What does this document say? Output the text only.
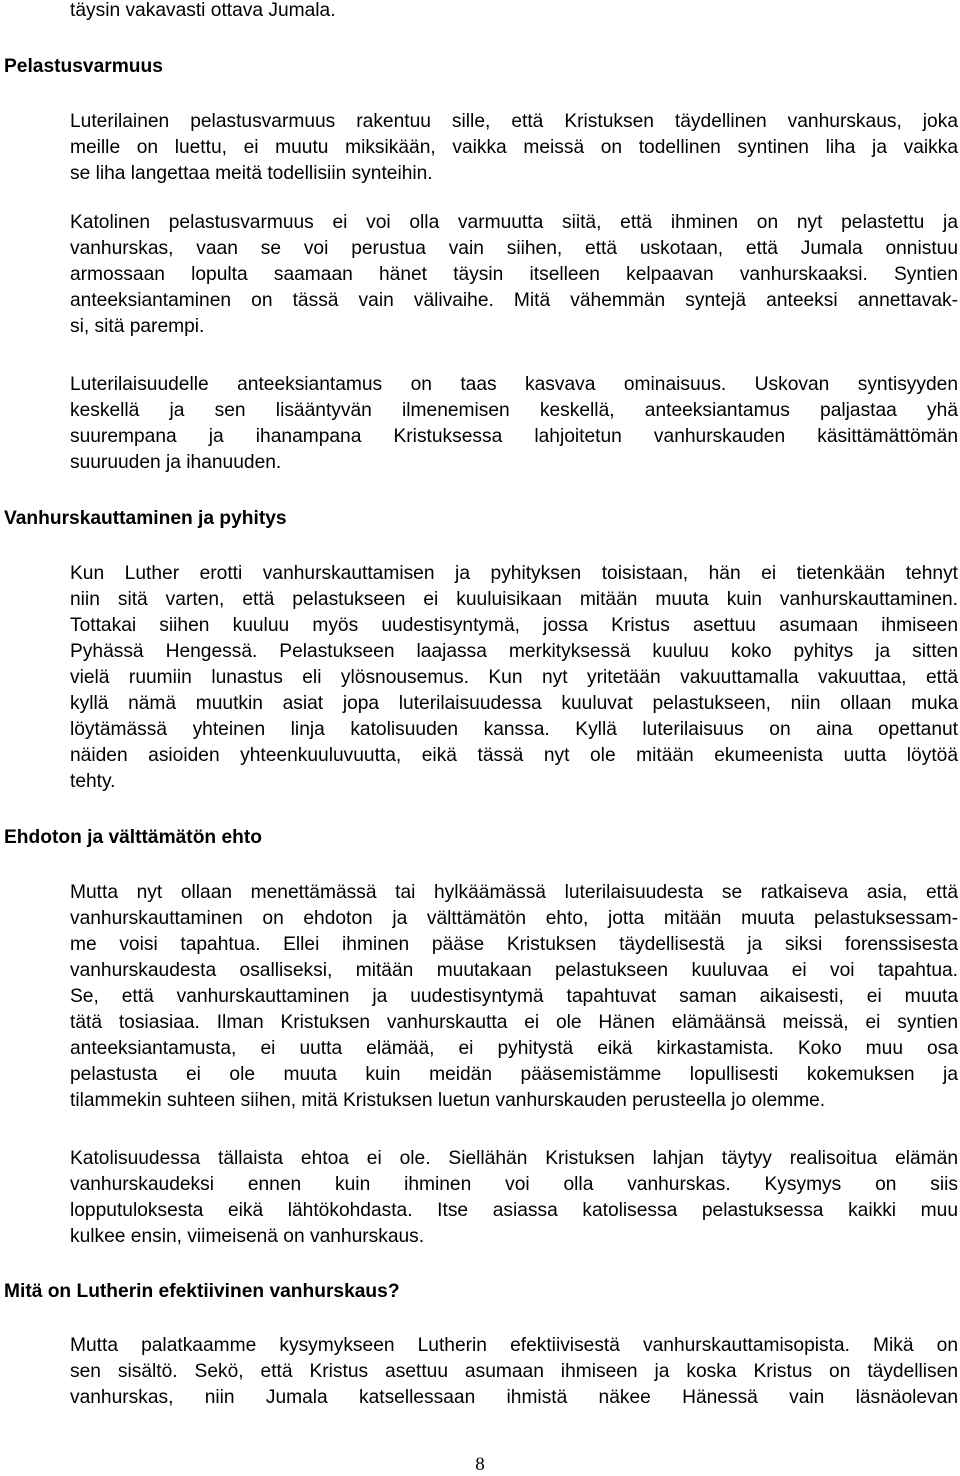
täysin vakavasti ottava Jumala.

Pelastusvarmuus

Luterilainen pelastusvarmuus rakentuu sille, että Kristuksen täydellinen vanhurskaus, joka

meille on luettu, ei muutu miksikään, vaikka meissä on todellinen syntinen liha ja vaikka

se liha langettaa meitä todellisiin synteihin.

Katolinen pelastusvarmuus ei voi olla varmuutta siitä, että ihminen on nyt pelastettu ja

vanhurskas, vaan se voi perustua vain siihen, että uskotaan, että Jumala onnistuu

armossaan lopulta saamaan hänet täysin itselleen kelpaavan vanhurskaaksi. Syntien

anteeksiantaminen on tässä vain välivaihe. Mitä vähemmän syntejä anteeksi annettavak-

si, sitä parempi.

Luterilaisuudelle anteeksiantamus on taas kasvava ominaisuus. Uskovan syntisyyden

keskellä ja sen lisääntyvän ilmenemisen keskellä, anteeksiantamus paljastaa yhä

suurempana ja ihanampana Kristuksessa lahjoitetun vanhurskauden käsittämättömän

suuruuden ja ihanuuden.

Vanhurskauttaminen ja pyhitys

Kun Luther erotti vanhurskauttamisen ja pyhityksen toisistaan, hän ei tietenkään tehnyt

niin sitä varten, että pelastukseen ei kuuluisikaan mitään muuta kuin vanhurskauttaminen.

Tottakai siihen kuuluu myös uudestisyntymä, jossa Kristus asettuu asumaan ihmiseen

Pyhässä Hengessä. Pelastukseen laajassa merkityksessä kuuluu koko pyhitys ja sitten

vielä ruumiin lunastus eli ylösnousemus. Kun nyt yritetään vakuuttamalla vakuuttaa, että

kyllä nämä muutkin asiat jopa luterilaisuudessa kuuluvat pelastukseen, niin ollaan muka

löytämässä yhteinen linja katolisuuden kanssa. Kyllä luterilaisuus on aina opettanut

näiden asioiden yhteenkuuluvuutta, eikä tässä nyt ole mitään ekumeenista uutta löytöä

tehty.

Ehdoton ja välttämätön ehto

Mutta nyt ollaan menettämässä tai hylkäämässä luterilaisuudesta se ratkaiseva asia, että

vanhurskauttaminen on ehdoton ja välttämätön ehto, jotta mitään muuta pelastuksessam-

me voisi tapahtua. Ellei ihminen pääse Kristuksen täydellisestä ja siksi forenssisesta

vanhurskaudesta osalliseksi, mitään muutakaan pelastukseen kuuluvaa ei voi tapahtua.

Se, että vanhurskauttaminen ja uudestisyntymä tapahtuvat saman aikaisesti, ei muuta

tätä tosiasiaa. Ilman Kristuksen vanhurskautta ei ole Hänen elämäänsä meissä, ei syntien

anteeksiantamusta, ei uutta elämää, ei pyhitystä eikä kirkastamista. Koko muu osa

pelastusta ei ole muuta kuin meidän pääsemistämme lopullisesti kokemuksen ja

tilammekin suhteen siihen, mitä Kristuksen luetun vanhurskauden perusteella jo olemme.

Katolisuudessa tällaista ehtoa ei ole. Siellähän Kristuksen lahjan täytyy realisoitua elämän

vanhurskaudeksi ennen kuin ihminen voi olla vanhurskas. Kysymys on siis

lopputuloksesta eikä lähtökohdasta. Itse asiassa katolisessa pelastuksessa kaikki muu

kulkee ensin, viimeisenä on vanhurskaus.

Mitä on Lutherin efektiivinen vanhurskaus?

Mutta palatkaamme kysymykseen Lutherin efektiivisestä vanhurskauttamisopista. Mikä on

sen sisältö. Sekö, että Kristus asettuu asumaan ihmiseen ja koska Kristus on täydellisen

vanhurskas, niin Jumala katsellessaan ihmistä näkee Hänessä vain läsnäolevan

8
